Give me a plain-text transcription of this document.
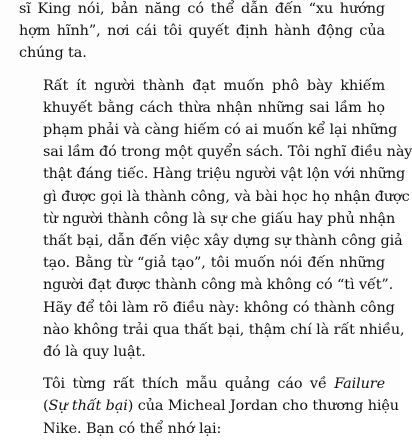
sĩ King nói, bản năng có thể dẫn đến “xu hướng
hợm hĩnh”, nơi cái tôi quyết định hành động của
chúng ta.
Rất ít người thành đạt muốn phô bày khiếm
khuyết bằng cách thừa nhận những sai lầm họ
phạm phải và càng hiếm có ai muốn kể lại những
sai lầm đó trong một quyển sách. Tôi nghĩ điều này
thật đáng tiếc. Hàng triệu người vật lộn với những
gì được gọi là thành công, và bài học họ nhận được
từ người thành công là sự che giấu hay phủ nhận
thất bại, dẫn đến việc xây dựng sự thành công giả
tạo. Bằng từ “giả tạo”, tôi muốn nói đến những
người đạt được thành công mà không có “tì vết”.
Hãy để tôi làm rõ điều này: không có thành công
nào không trải qua thất bại, thậm chí là rất nhiều,
đó là quy luật.
Tôi từng rất thích mẫu quảng cáo về Failure
(Sự thất bại) của Micheal Jordan cho thương hiệu
Nike. Bạn có thể nhớ lại:
